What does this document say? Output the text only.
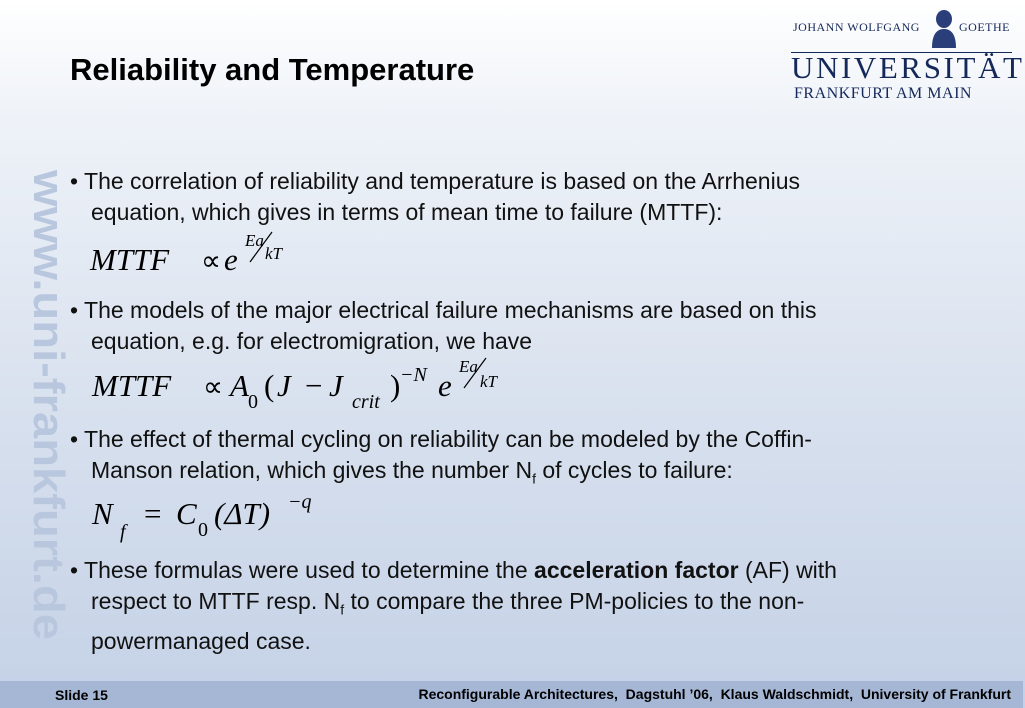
www.uni-frankfurt.de
Reliability and Temperature
JOHANN WOLFGANG	GOETHE
UNIVERSITÄT
FRANKFURT AM MAIN
• The correlation of reliability and temperature is based on the Arrhenius
equation, which gives in terms of mean time to failure (MTTF):
MTTF ∝ e
Ea
kT
• The models of the major electrical failure mechanisms are based on this
equation, e.g. for electromigration, we have
MTTF ∝ A 0 ( J − J crit ) −N e
Ea
kT
• The effect of thermal cycling on reliability can be modeled by the Coffin-
Manson relation, which gives the number $N_f$ of cycles to failure:
N
f
= C 0 (ΔT) −q
• These formulas were used to determine the acceleration factor (AF) with
respect to MTTF resp. $N_f$ to compare the three PM-policies to the non-
powermanaged case.
Slide 15	Reconfigurable Architectures,  Dagstuhl ’06,  Klaus Waldschmidt,  University of Frankfurt
